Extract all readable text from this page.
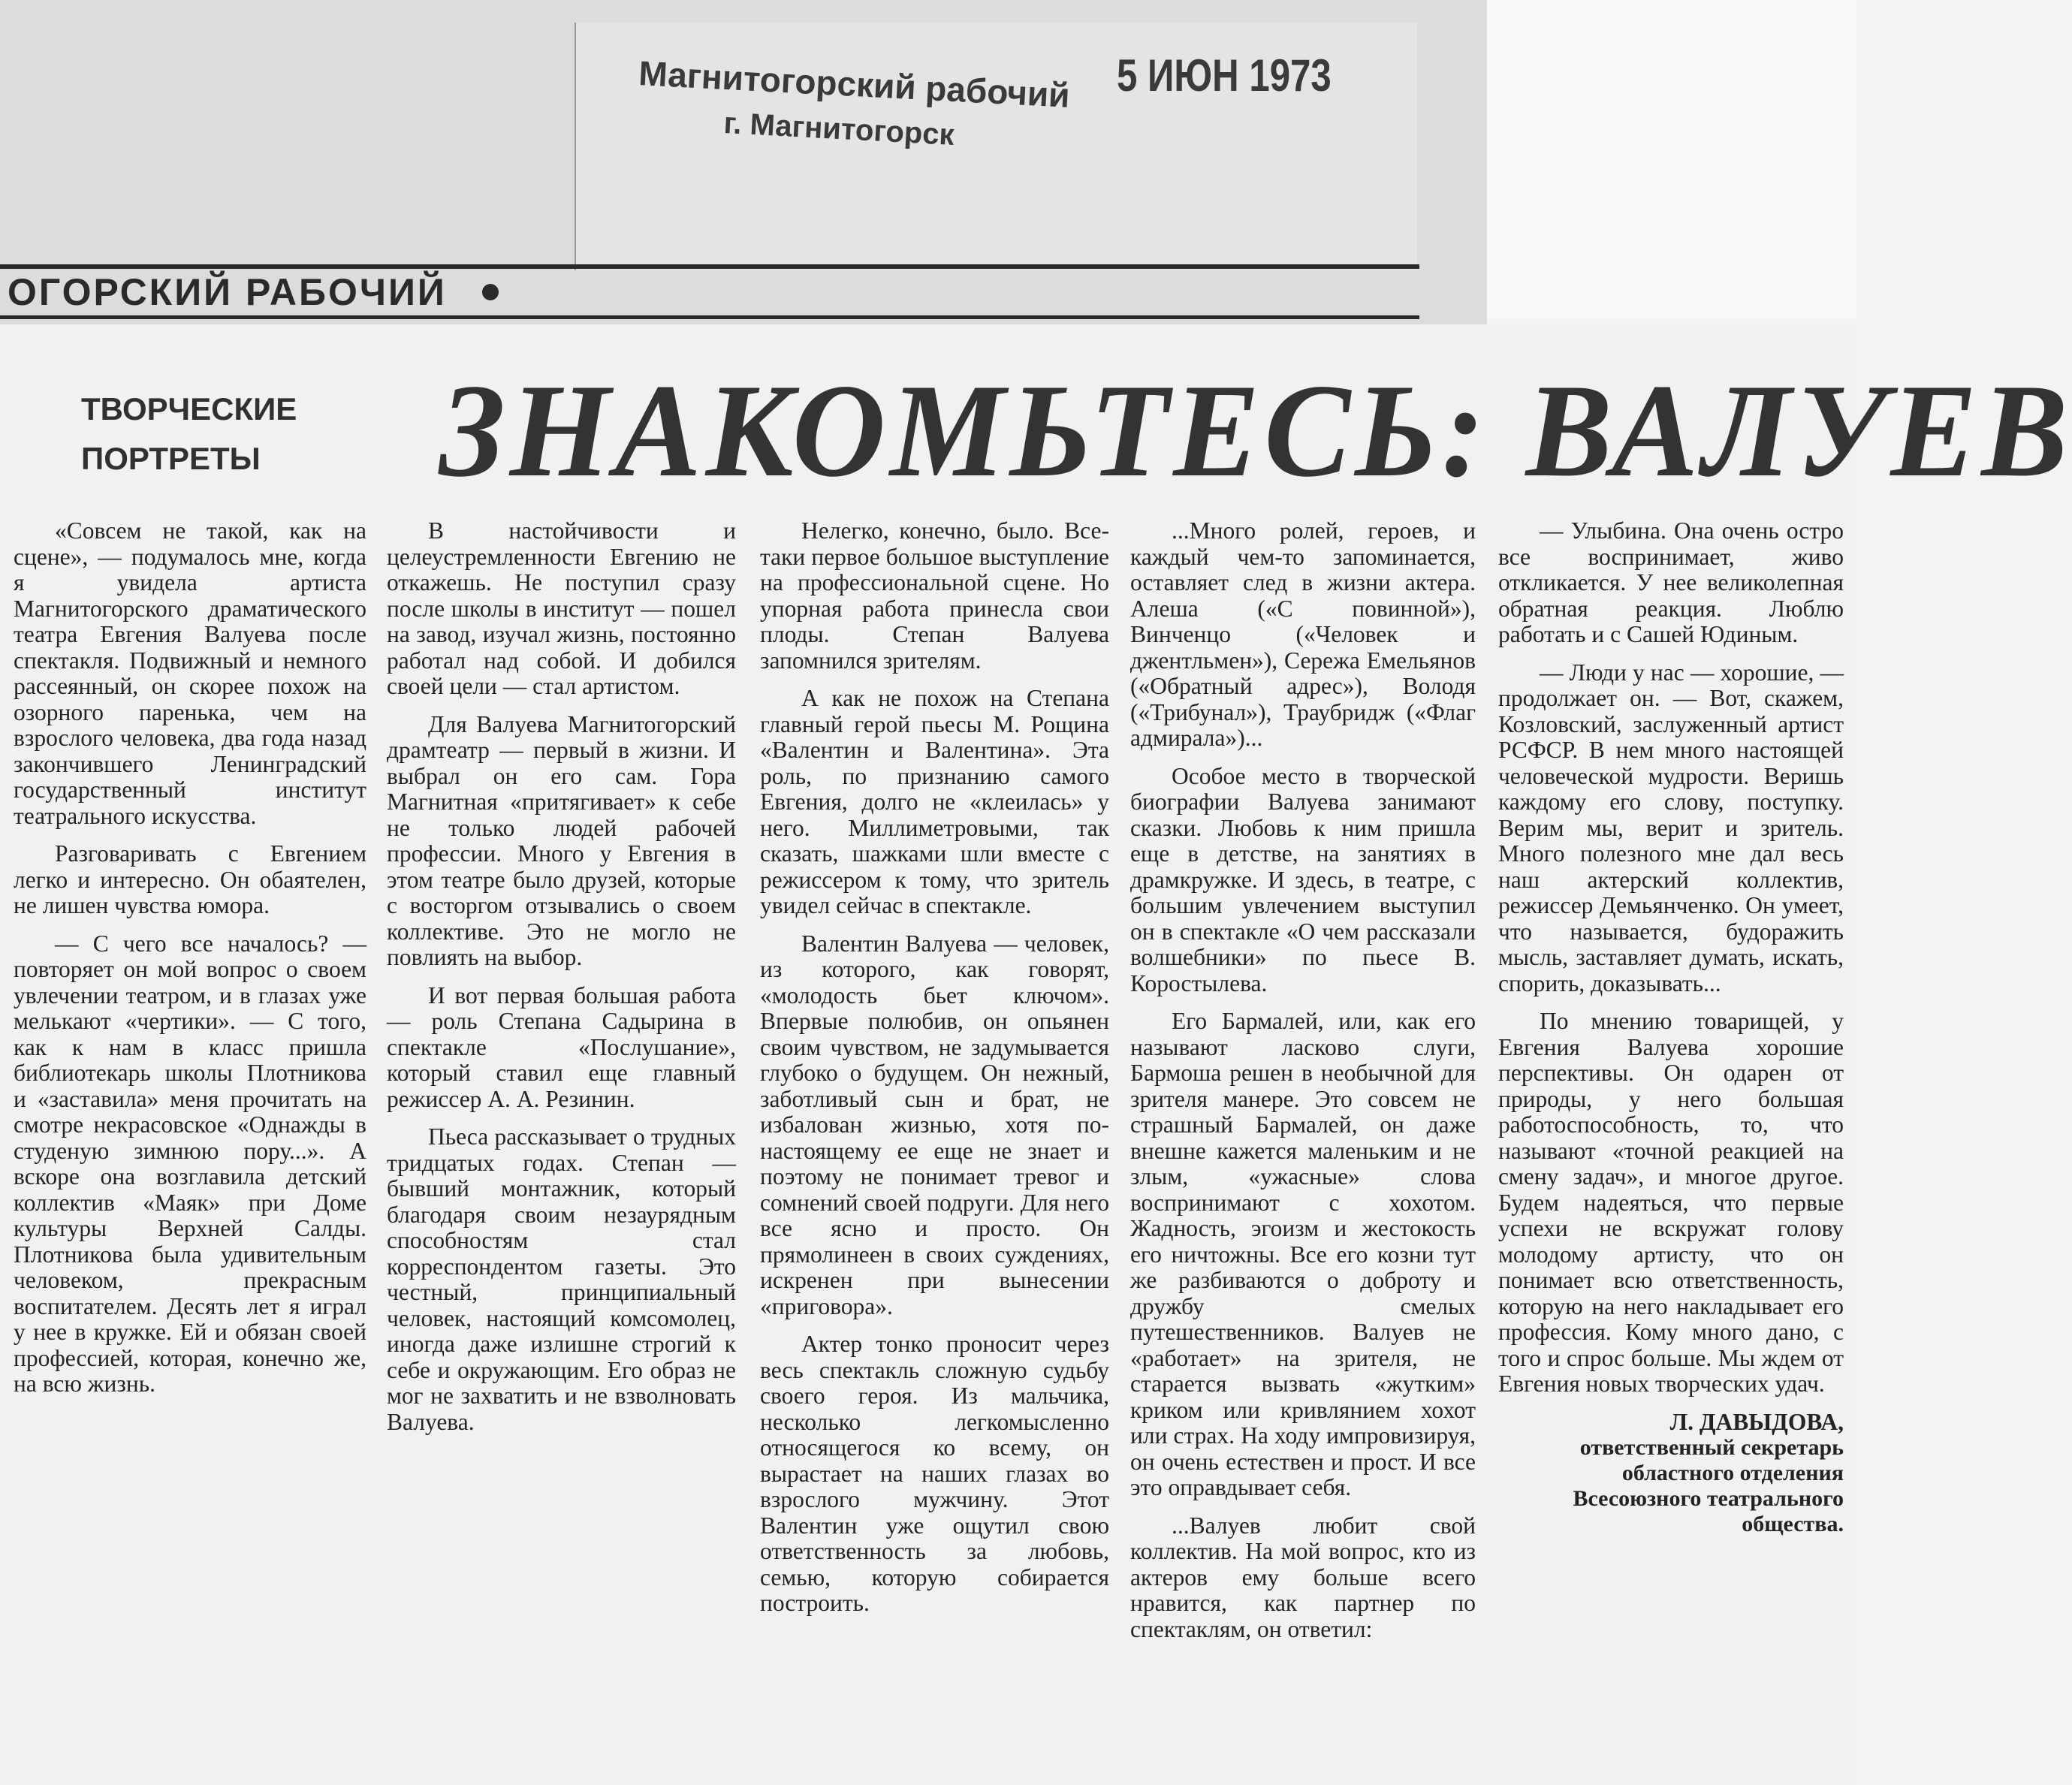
Магнитогорский рабочий
г. Магнитогорск
5 ИЮН 1973
ОГОРСКИЙ РАБОЧИЙ
ТВОРЧЕСКИЕ ПОРТРЕТЫ	ЗНАКОМЬТЕСЬ: ВАЛУЕВ

«Совсем не такой, как на сцене», — подумалось мне, когда я увидела артиста Магнитогорского драматического театра Евгения Валуева после спектакля. Подвижный и немного рассеянный, он скорее похож на озорного паренька, чем на взрослого человека, два года назад закончившего Ленинградский государственный институт театрального искусства.

Разговаривать с Евгением легко и интересно. Он обаятелен, не лишен чувства юмора.

— С чего все началось? — повторяет он мой вопрос о своем увлечении театром, и в глазах уже мелькают «чертики». — С того, как к нам в класс пришла библиотекарь школы Плотникова и «заставила» меня прочитать на смотре некрасовское «Однажды в студеную зимнюю пору...». А вскоре она возглавила детский коллектив «Маяк» при Доме культуры Верхней Салды. Плотникова была удивительным человеком, прекрасным воспитателем. Десять лет я играл у нее в кружке. Ей и обязан своей профессией, которая, конечно же, на всю жизнь.

В настойчивости и целеустремленности Евгению не откажешь. Не поступил сразу после школы в институт — пошел на завод, изучал жизнь, постоянно работал над собой. И добился своей цели — стал артистом.

Для Валуева Магнитогорский драмтеатр — первый в жизни. И выбрал он его сам. Гора Магнитная «притягивает» к себе не только людей рабочей профессии. Много у Евгения в этом театре было друзей, которые с восторгом отзывались о своем коллективе. Это не могло не повлиять на выбор.

И вот первая большая работа — роль Степана Садырина в спектакле «Послушание», который ставил еще главный режиссер А. А. Резинин.

Пьеса рассказывает о трудных тридцатых годах. Степан — бывший монтажник, который благодаря своим незаурядным способностям стал корреспондентом газеты. Это честный, принципиальный человек, настоящий комсомолец, иногда даже излишне строгий к себе и окружающим. Его образ не мог не захватить и не взволновать Валуева.

Нелегко, конечно, было. Все-таки первое большое выступление на профессиональной сцене. Но упорная работа принесла свои плоды. Степан Валуева запомнился зрителям.

А как не похож на Степана главный герой пьесы М. Рощина «Валентин и Валентина». Эта роль, по признанию самого Евгения, долго не «клеилась» у него. Миллиметровыми, так сказать, шажками шли вместе с режиссером к тому, что зритель увидел сейчас в спектакле.

Валентин Валуева — человек, из которого, как говорят, «молодость бьет ключом». Впервые полюбив, он опьянен своим чувством, не задумывается глубоко о будущем. Он нежный, заботливый сын и брат, не избалован жизнью, хотя по-настоящему ее еще не знает и поэтому не понимает тревог и сомнений своей подруги. Для него все ясно и просто. Он прямолинеен в своих суждениях, искренен при вынесении «приговора».

Актер тонко проносит через весь спектакль сложную судьбу своего героя. Из мальчика, несколько легкомысленно относящегося ко всему, он вырастает на наших глазах во взрослого мужчину. Этот Валентин уже ощутил свою ответственность за любовь, семью, которую собирается построить.

...Много ролей, героев, и каждый чем-то запоминается, оставляет след в жизни актера. Алеша («С повинной»), Винченцо («Человек и джентльмен»), Сережа Емельянов («Обратный адрес»), Володя («Трибунал»), Траубридж («Флаг адмирала»)...

Особое место в творческой биографии Валуева занимают сказки. Любовь к ним пришла еще в детстве, на занятиях в драмкружке. И здесь, в театре, с большим увлечением выступил он в спектакле «О чем рассказали волшебники» по пьесе В. Коростылева.

Его Бармалей, или, как его называют ласково слуги, Бармоша решен в необычной для зрителя манере. Это совсем не страшный Бармалей, он даже внешне кажется маленьким и не злым, «ужасные» слова воспринимают с хохотом. Жадность, эгоизм и жестокость его ничтожны. Все его козни тут же разбиваются о доброту и дружбу смелых путешественников. Валуев не «работает» на зрителя, не старается вызвать «жутким» криком или кривлянием хохот или страх. На ходу импровизируя, он очень естествен и прост. И все это оправдывает себя.

...Валуев любит свой коллектив. На мой вопрос, кто из актеров ему больше всего нравится, как партнер по спектаклям, он ответил:

— Улыбина. Она очень остро все воспринимает, живо откликается. У нее великолепная обратная реакция. Люблю работать и с Сашей Юдиным.

— Люди у нас — хорошие, — продолжает он. — Вот, скажем, Козловский, заслуженный артист РСФСР. В нем много настоящей человеческой мудрости. Веришь каждому его слову, поступку. Верим мы, верит и зритель. Много полезного мне дал весь наш актерский коллектив, режиссер Демьянченко. Он умеет, что называется, будоражить мысль, заставляет думать, искать, спорить, доказывать...

По мнению товарищей, у Евгения Валуева хорошие перспективы. Он одарен от природы, у него большая работоспособность, то, что называют «точной реакцией на смену задач», и многое другое. Будем надеяться, что первые успехи не вскружат голову молодому артисту, что он понимает всю ответственность, которую на него накладывает его профессия. Кому много дано, с того и спрос больше. Мы ждем от Евгения новых творческих удач.

Л. ДАВЫДОВА,
ответственный секретарь областного отделения Всесоюзного театрального общества.
